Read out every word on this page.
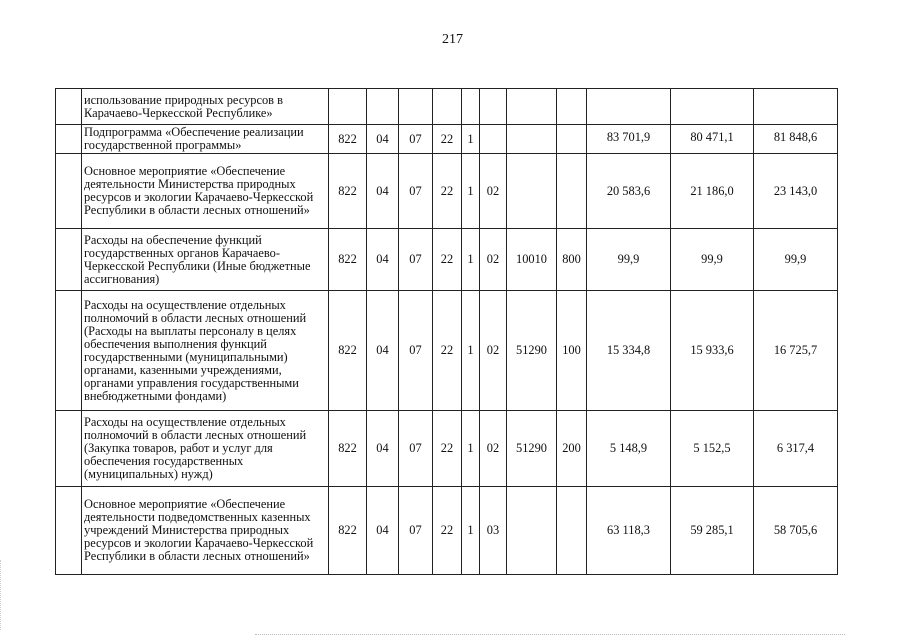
217
	использование природных ресурсов в Карачаево-Черкесской Республике»											
	Подпрограмма «Обеспечение реализации государственной программы»	822	04	07	22	1				83 701,9	80 471,1	81 848,6
	Основное мероприятие «Обеспечение деятельности Министерства природных ресурсов и экологии Карачаево-Черкесской Республики в области лесных отношений»	822	04	07	22	1	02			20 583,6	21 186,0	23 143,0
	Расходы на обеспечение функций государственных органов Карачаево-Черкесской Республики (Иные бюджетные ассигнования)	822	04	07	22	1	02	10010	800	99,9	99,9	99,9
	Расходы на осуществление отдельных полномочий в области лесных отношений (Расходы на выплаты персоналу в целях обеспечения выполнения функций государственными (муниципальными) органами, казенными учреждениями, органами управления государственными внебюджетными фондами)	822	04	07	22	1	02	51290	100	15 334,8	15 933,6	16 725,7
	Расходы на осуществление отдельных полномочий в области лесных отношений (Закупка товаров, работ и услуг для обеспечения государственных (муниципальных) нужд)	822	04	07	22	1	02	51290	200	5 148,9	5 152,5	6 317,4
	Основное мероприятие «Обеспечение деятельности подведомственных казенных учреждений Министерства природных ресурсов и экологии Карачаево-Черкесской Республики в области лесных отношений»	822	04	07	22	1	03			63 118,3	59 285,1	58 705,6
